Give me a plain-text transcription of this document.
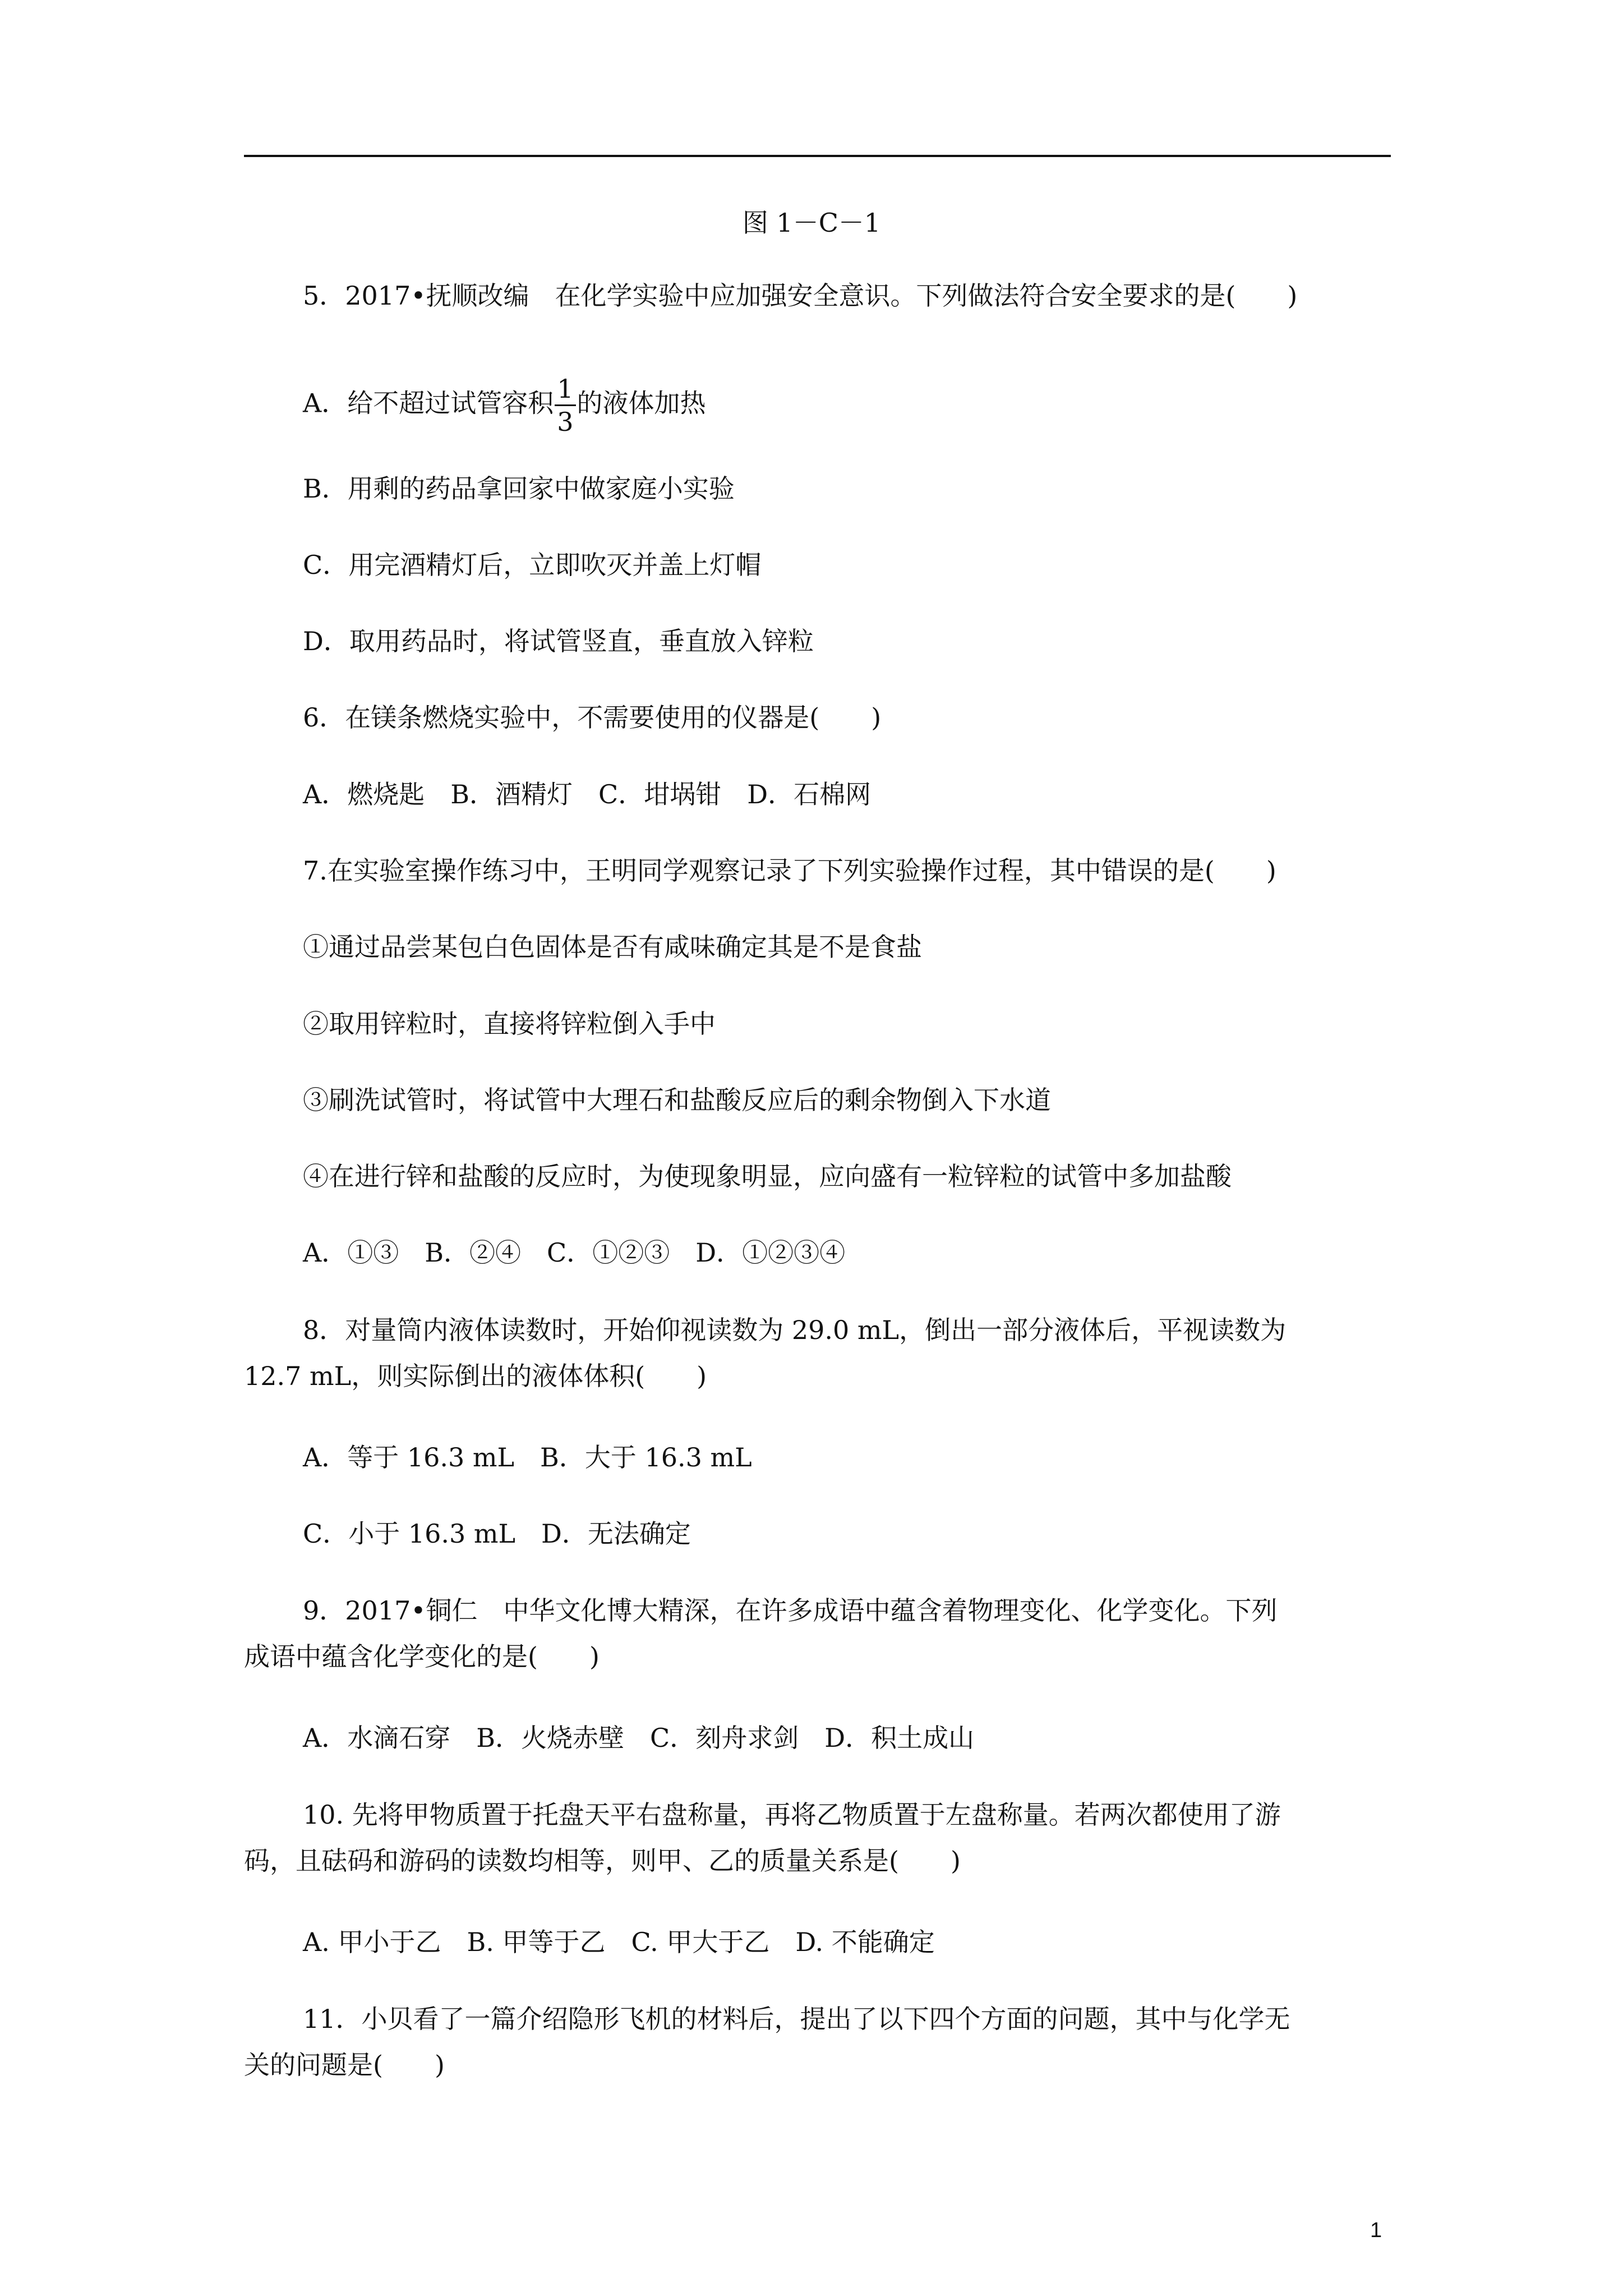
图 1－C－1
5．2017•抚顺改编　在化学实验中应加强安全意识。下列做法符合安全要求的是(　　)
A．给不超过试管容积 $\frac{1}{3}$ 的液体加热
B．用剩的药品拿回家中做家庭小实验
C．用完酒精灯后，立即吹灭并盖上灯帽
D．取用药品时，将试管竖直，垂直放入锌粒
6．在镁条燃烧实验中，不需要使用的仪器是(　　)
A．燃烧匙　B．酒精灯　C．坩埚钳　D．石棉网
7.在实验室操作练习中，王明同学观察记录了下列实验操作过程，其中错误的是(　　)
①通过品尝某包白色固体是否有咸味确定其是不是食盐
②取用锌粒时，直接将锌粒倒入手中
③刷洗试管时，将试管中大理石和盐酸反应后的剩余物倒入下水道
④在进行锌和盐酸的反应时，为使现象明显，应向盛有一粒锌粒的试管中多加盐酸
A．①③　B．②④　C．①②③　D．①②③④
8．对量筒内液体读数时，开始仰视读数为 29.0 mL，倒出一部分液体后，平视读数为
12.7 mL，则实际倒出的液体体积(　　)
A．等于 16.3 mL　B．大于 16.3 mL
C．小于 16.3 mL　D．无法确定
9．2017•铜仁　中华文化博大精深，在许多成语中蕴含着物理变化、化学变化。下列
成语中蕴含化学变化的是(　　)
A．水滴石穿　B．火烧赤壁　C．刻舟求剑　D．积土成山
10. 先将甲物质置于托盘天平右盘称量，再将乙物质置于左盘称量。若两次都使用了游
码，且砝码和游码的读数均相等，则甲、乙的质量关系是(　　)
A. 甲小于乙　B. 甲等于乙　C. 甲大于乙　D. 不能确定
11．小贝看了一篇介绍隐形飞机的材料后，提出了以下四个方面的问题，其中与化学无
关的问题是(　　)
1
